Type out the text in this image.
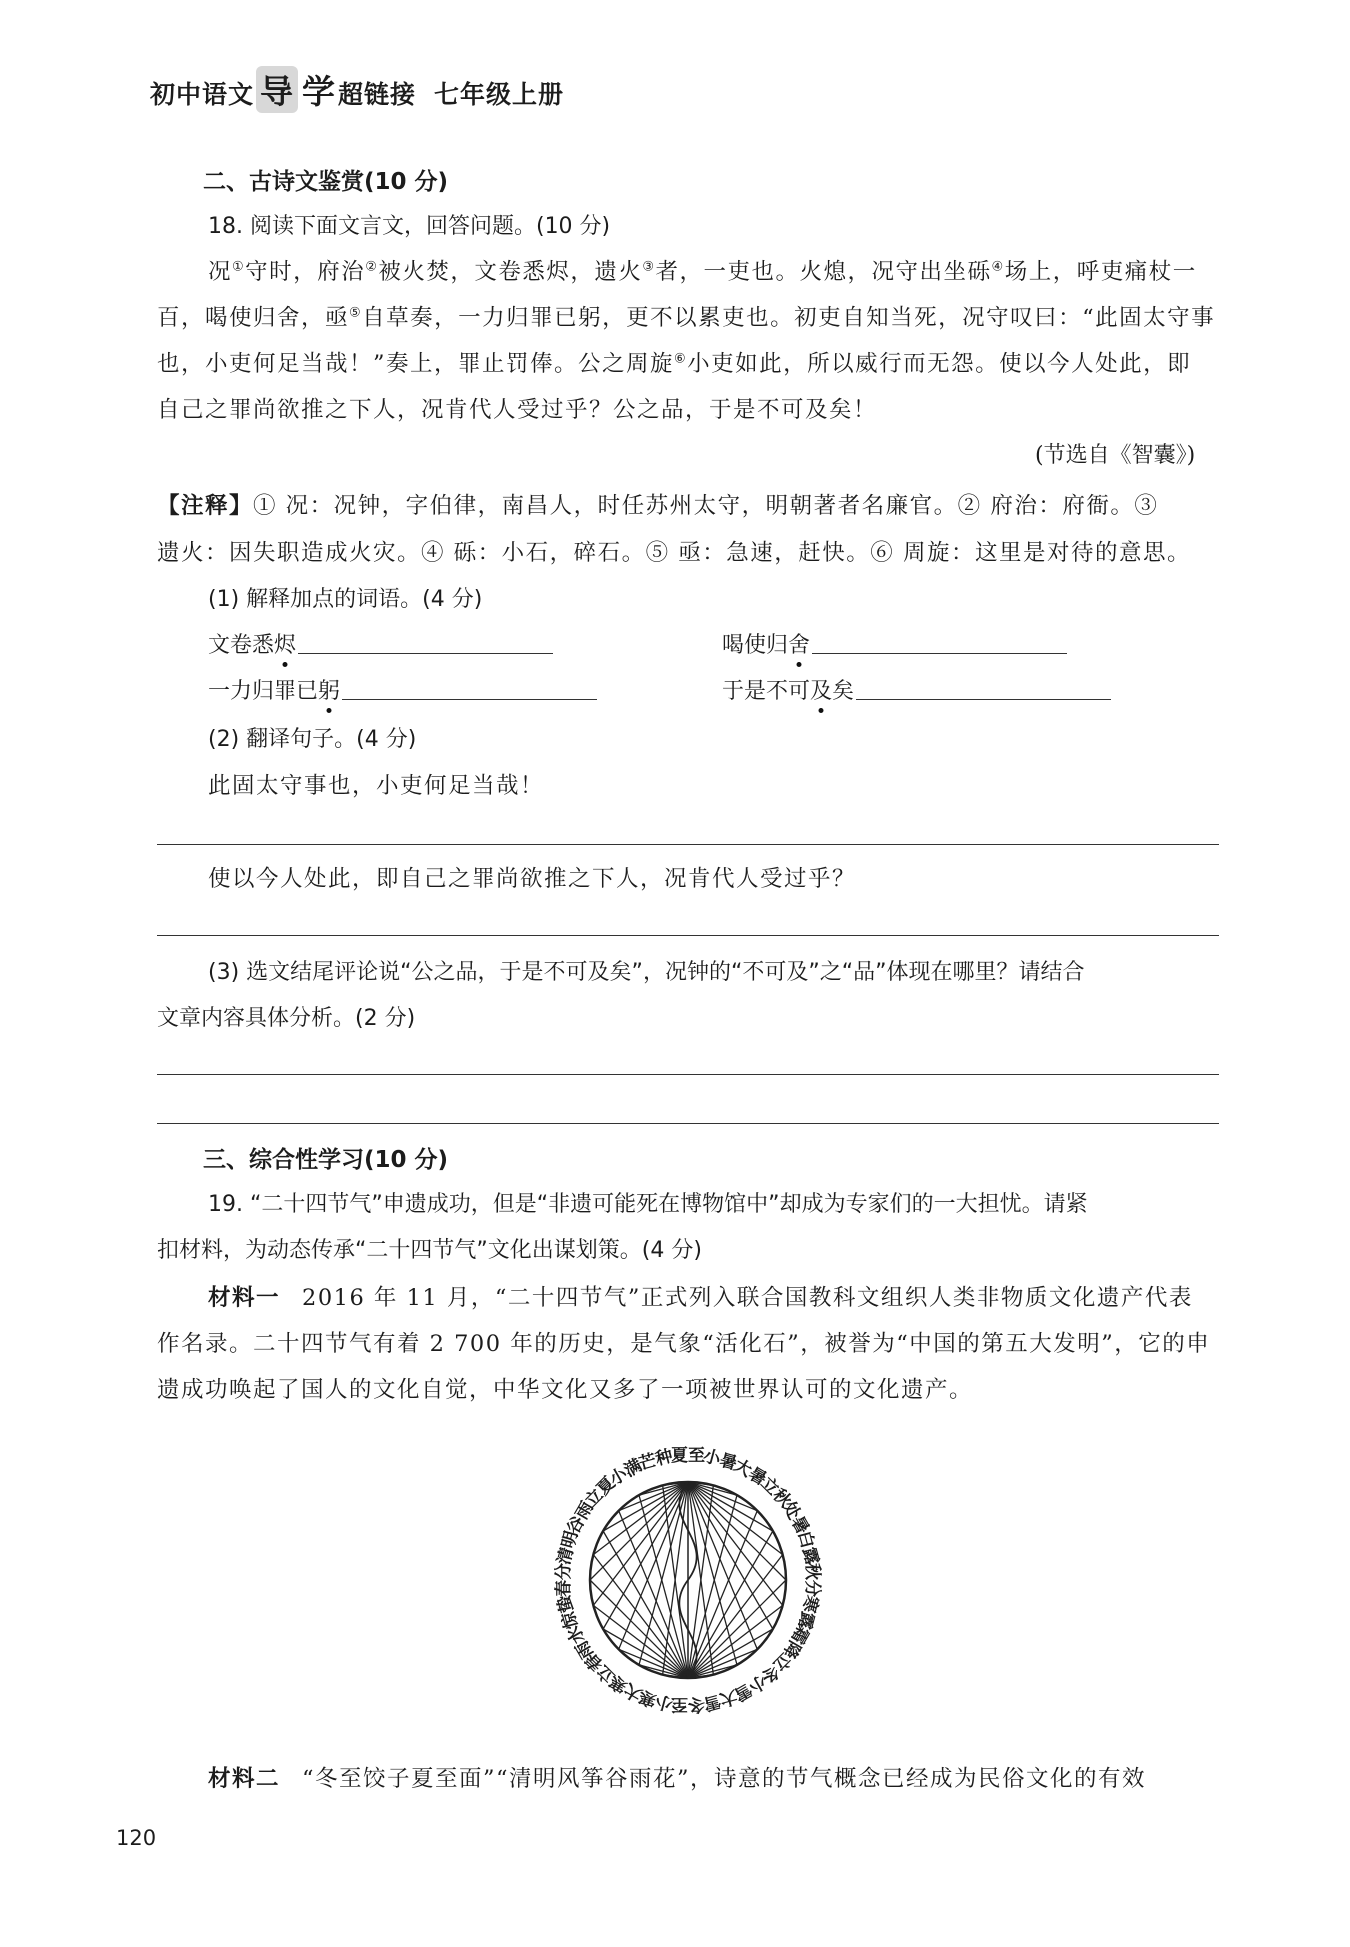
初中语文 导 学超链接 七年级上册
二、古诗文鉴赏(10 分)
18. 阅读下面文言文，回答问题。(10 分)
况①守时，府治②被火焚，文卷悉烬，遗火③者，一吏也。火熄，况守出坐砾④场上，呼吏痛杖一
百，喝使归舍，亟⑤自草奏，一力归罪已躬，更不以累吏也。初吏自知当死，况守叹曰：“此固太守事
也，小吏何足当哉！”奏上，罪止罚俸。公之周旋⑥小吏如此，所以威行而无怨。使以今人处此，即
自己之罪尚欲推之下人，况肯代人受过乎？公之品，于是不可及矣！
(节选自《智囊》)
【注释】① 况：况钟，字伯律，南昌人，时任苏州太守，明朝著者名廉官。② 府治：府衙。③
遗火：因失职造成火灾。④ 砾：小石，碎石。⑤ 亟：急速，赶快。⑥ 周旋：这里是对待的意思。
(1) 解释加点的词语。(4 分)
文卷悉烬	喝使归舍
一力归罪已躬	于是不可及矣
(2) 翻译句子。(4 分)
此固太守事也，小吏何足当哉！
使以今人处此，即自己之罪尚欲推之下人，况肯代人受过乎？
(3) 选文结尾评论说“公之品，于是不可及矣”，况钟的“不可及”之“品”体现在哪里？请结合
文章内容具体分析。(2 分)
三、综合性学习(10 分)
19. “二十四节气”申遗成功，但是“非遗可能死在博物馆中”却成为专家们的一大担忧。请紧
扣材料，为动态传承“二十四节气”文化出谋划策。(4 分)
材料一 2016 年 11 月，“二十四节气”正式列入联合国教科文组织人类非物质文化遗产代表
作名录。二十四节气有着 2 700 年的历史，是气象“活化石”，被誉为“中国的第五大发明”，它的申
遗成功唤起了国人的文化自觉，中华文化又多了一项被世界认可的文化遗产。
夏至
小暑
大暑
立秋
处暑
白露
秋分
寒露
霜降
立冬
小雪
大雪
冬至
小寒
大寒
立春
雨水
惊蛰
春分
清明
谷雨
立夏
小满
芒种
材料二 “冬至饺子夏至面”“清明风筝谷雨花”，诗意的节气概念已经成为民俗文化的有效
120
